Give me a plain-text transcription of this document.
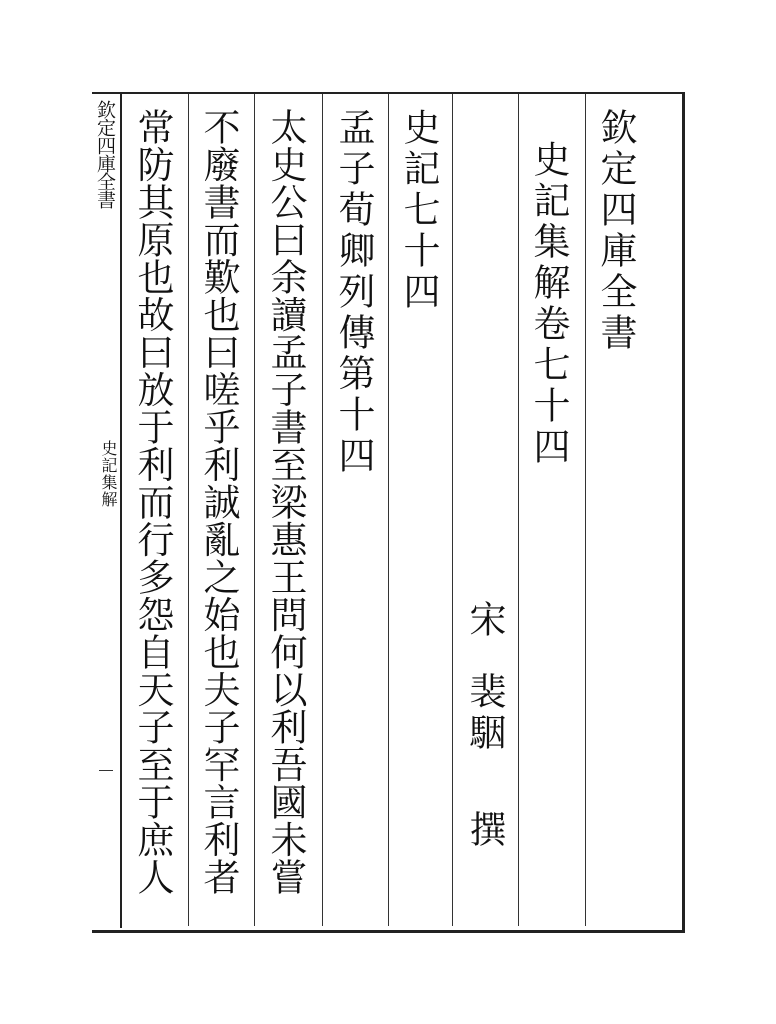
欽定四庫全書
史記集解
欽定四庫全書
史記集解卷七十四
宋
裴駰
撰
史記七十四
孟子荀卿列傳第十四
太史公曰余讀孟子書至梁惠王問何以利吾國未嘗
不廢書而歎也曰嗟乎利誠亂之始也夫子罕言利者
常防其原也故曰放于利而行多怨自天子至于庶人
